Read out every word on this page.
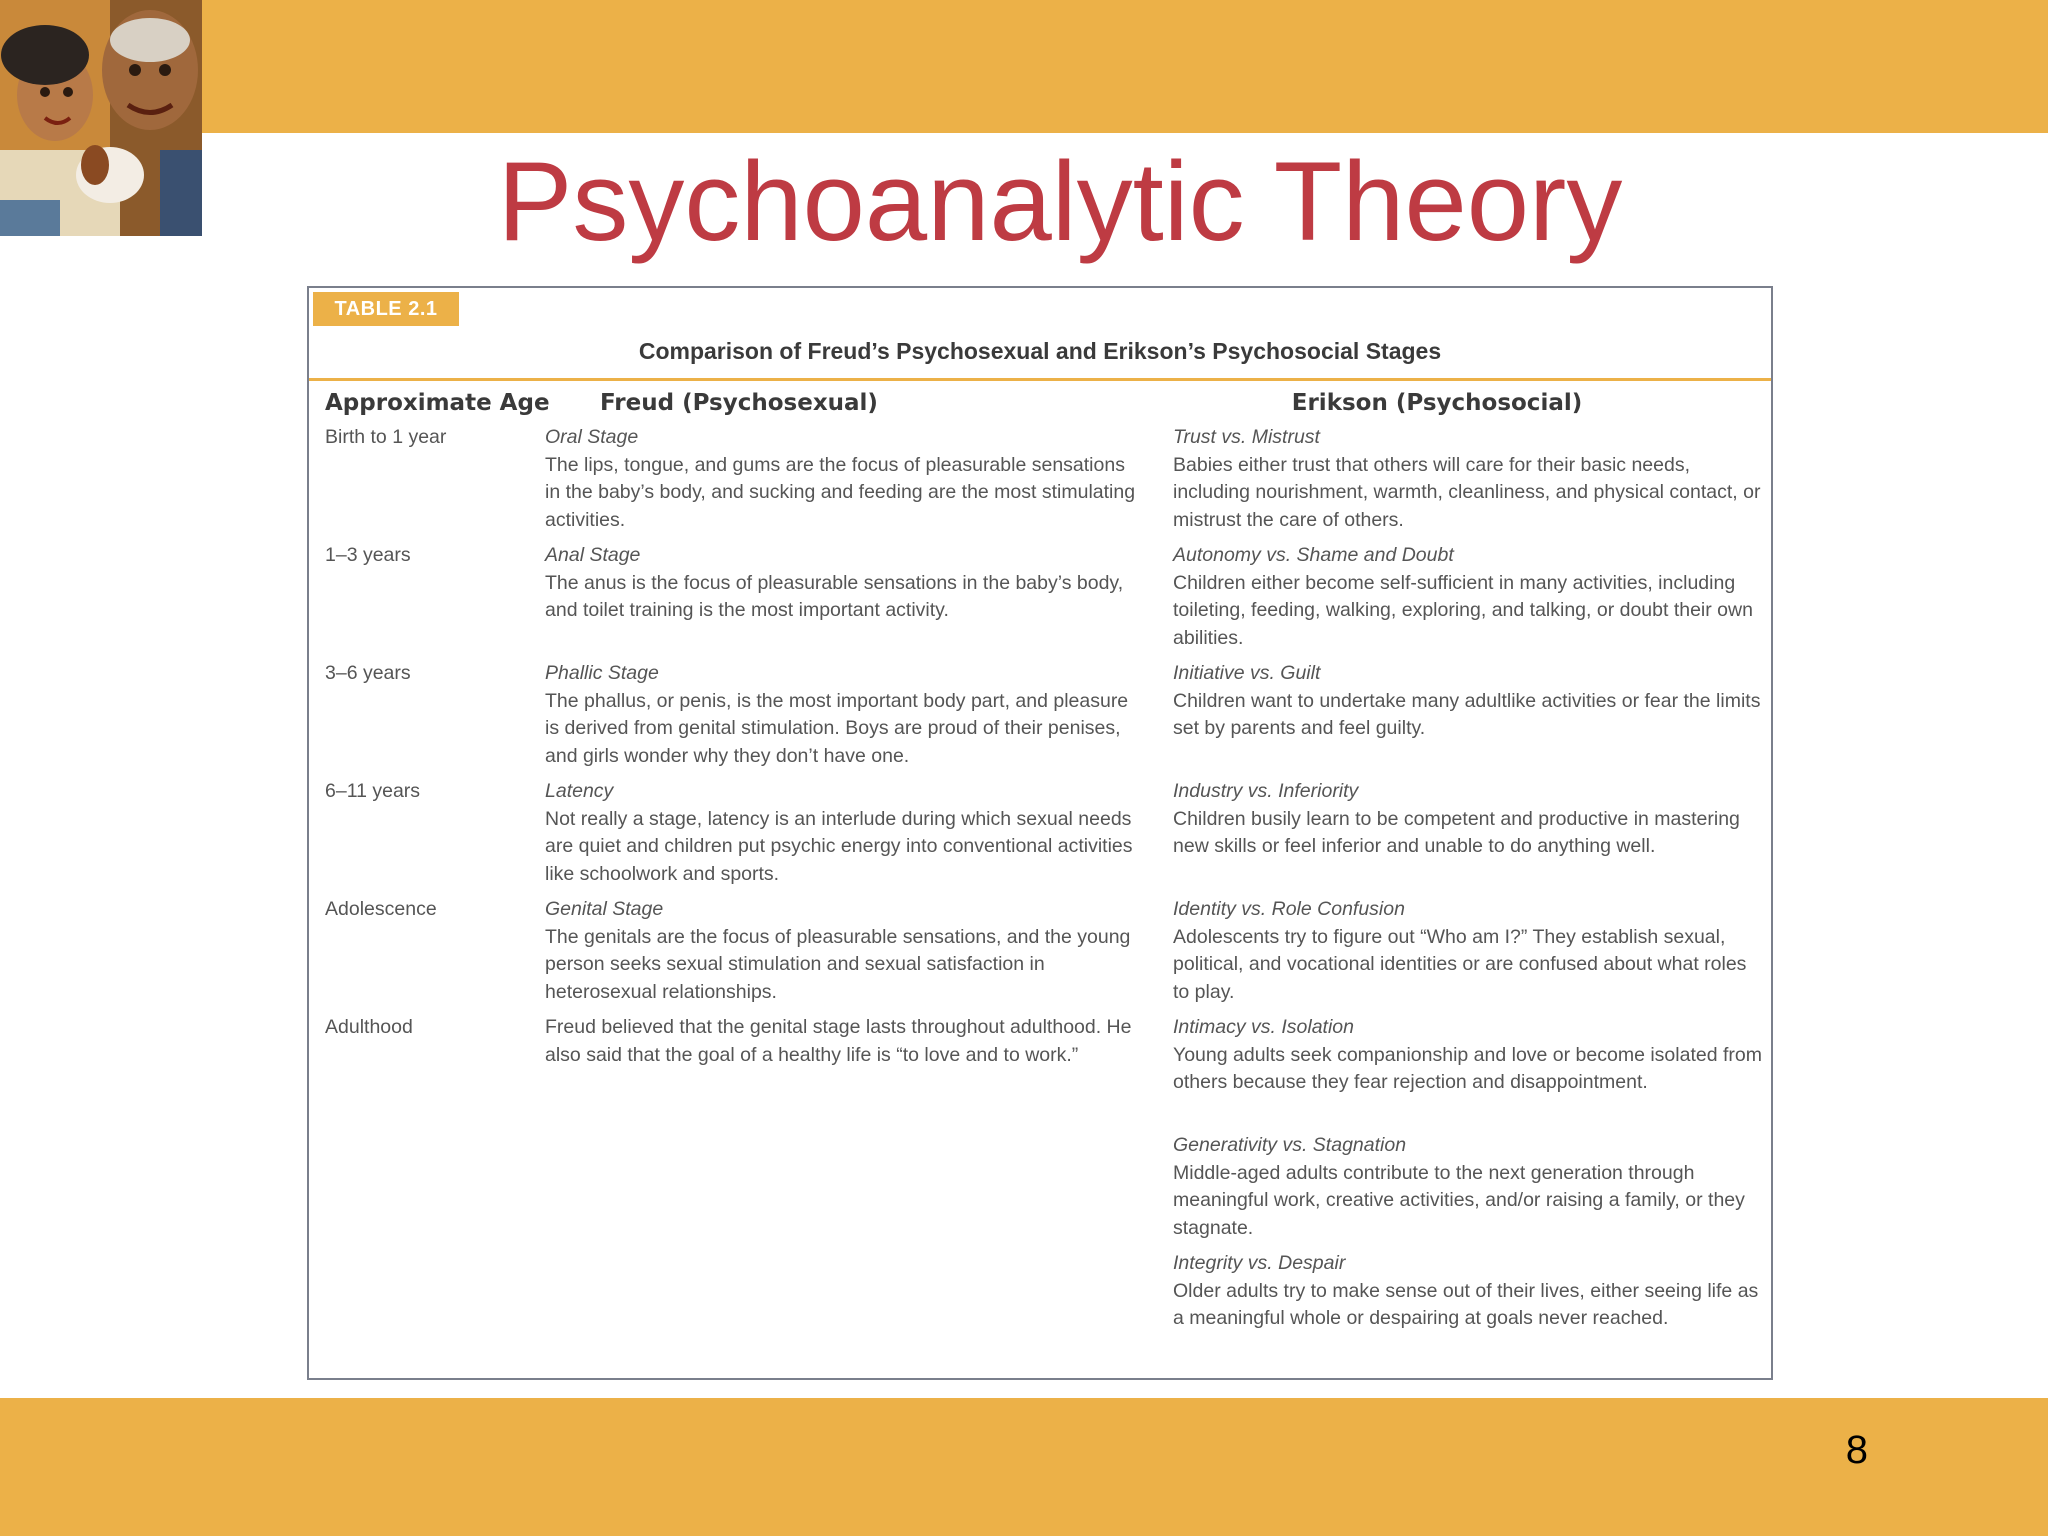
Psychoanalytic Theory
TABLE 2.1
Comparison of Freud’s Psychosexual and Erikson’s Psychosocial Stages
Approximate Age	Freud (Psychosexual)	Erikson (Psychosocial)
Birth to 1 year
1–3 years
3–6 years
6–11 years
Adolescence
Adulthood
Oral Stage
The lips, tongue, and gums are the focus of pleasurable sensations in the baby’s body, and sucking and feeding are the most stimulating activities.
Anal Stage
The anus is the focus of pleasurable sensations in the baby’s body, and toilet training is the most important activity.
Phallic Stage
The phallus, or penis, is the most important body part, and pleasure is derived from genital stimulation. Boys are proud of their penises, and girls wonder why they don’t have one.
Latency
Not really a stage, latency is an interlude during which sexual needs are quiet and children put psychic energy into conventional activities like schoolwork and sports.
Genital Stage
The genitals are the focus of pleasurable sensations, and the young person seeks sexual stimulation and sexual satisfaction in heterosexual relationships.
Freud believed that the genital stage lasts throughout adulthood. He also said that the goal of a healthy life is “to love and to work.”
Trust vs. Mistrust
Babies either trust that others will care for their basic needs, including nourishment, warmth, cleanliness, and physical contact, or mistrust the care of others.
Autonomy vs. Shame and Doubt
Children either become self-sufficient in many activities, including toileting, feeding, walking, exploring, and talking, or doubt their own abilities.
Initiative vs. Guilt
Children want to undertake many adultlike activities or fear the limits set by parents and feel guilty.
Industry vs. Inferiority
Children busily learn to be competent and productive in mastering new skills or feel inferior and unable to do anything well.
Identity vs. Role Confusion
Adolescents try to figure out “Who am I?” They establish sexual, political, and vocational identities or are confused about what roles to play.
Intimacy vs. Isolation
Young adults seek companionship and love or become isolated from others because they fear rejection and disappointment.
Generativity vs. Stagnation
Middle-aged adults contribute to the next generation through meaningful work, creative activities, and/or raising a family, or they stagnate.
Integrity vs. Despair
Older adults try to make sense out of their lives, either seeing life as a meaningful whole or despairing at goals never reached.
8
